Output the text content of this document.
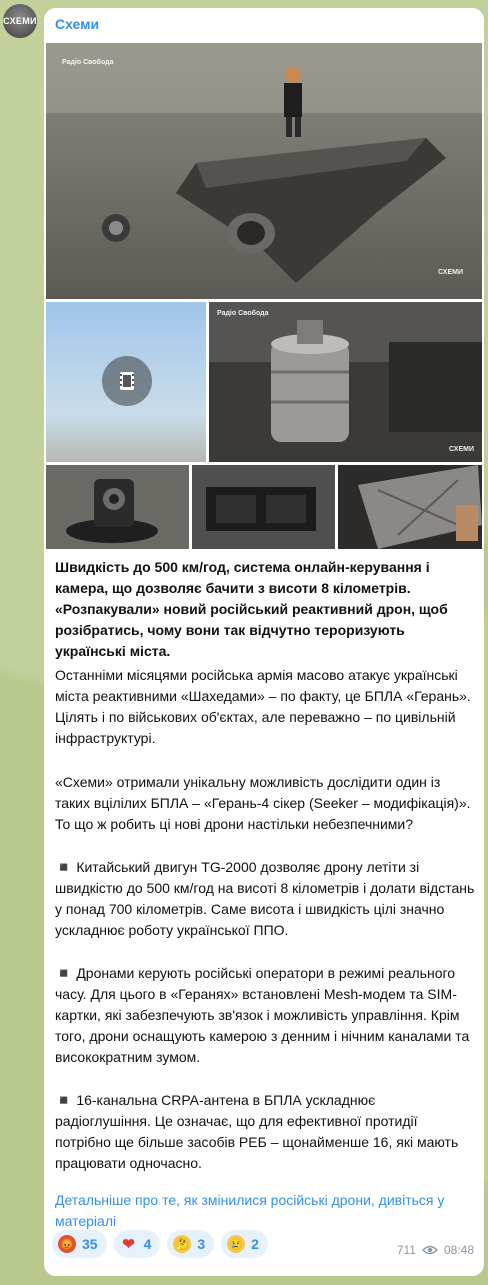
СХЕМИ Схеми
Радіо Свобода
СХЕМИ
Радіо Свобода
СХЕМИ
Швидкість до 500 км/год, система онлайн-керування і камера, що дозволяє бачити з висоти 8 кілометрів. «Розпакували» новий російський реактивний дрон, щоб розібратись, чому вони так відчутно тероризують українські міста.
Останніми місяцями російська армія масово атакує українські міста реактивними «Шахедами» – по факту, це БПЛА «Герань». Цілять і по військових об'єктах, але переважно – по цивільній інфраструктурі.
«Схеми» отримали унікальну можливість дослідити один із таких вцілілих БПЛА – «Герань-4 сікер (Seeker – модифікація)». То що ж робить ці нові дрони настільки небезпечними?
◾️ Китайський двигун TG-2000 дозволяє дрону летіти зі швидкістю до 500 км/год на висоті 8 кілометрів і долати відстань у понад 700 кілометрів. Саме висота і швидкість цілі значно ускладнює роботу української ППО.
◾️ Дронами керують російські оператори в режимі реального часу. Для цього в «Геранях» встановлені Mesh-модем та SIM-картки, які забезпечують зв'язок і можливість управління. Крім того, дрони оснащують камерою з денним і нічним каналами та високократним зумом.
◾️ 16-канальна CRPA-антена в БПЛА ускладнює радіоглушіння. Це означає, що для ефективної протидії потрібно ще більше засобів РЕБ – щонайменше 16, які мають працювати одночасно.
Детальніше про те, як змінилися російські дрони, дивіться у матеріалі
😡 35 ❤ 4 🤔 3 😢 2	711 08:48
